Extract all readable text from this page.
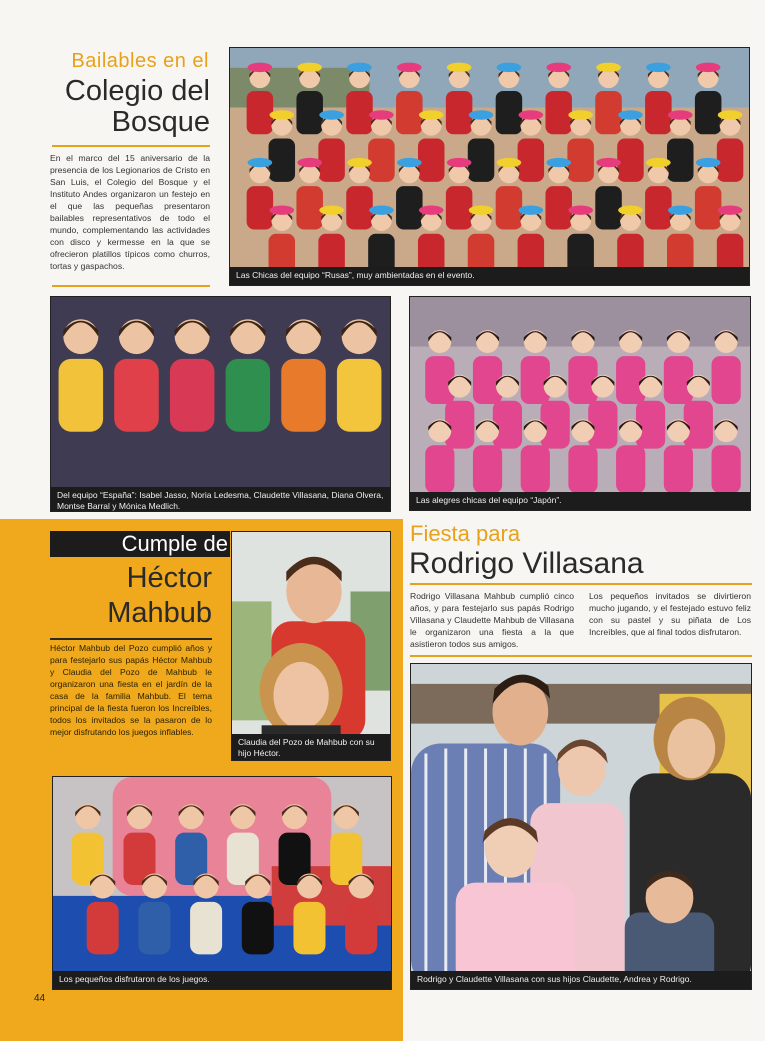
Bailables en el
Colegio del
Bosque
En el marco del 15 aniversario de la presencia de los Legionarios de Cristo en San Luis, el Colegio del Bosque y el Instituto Andes organizaron un festejo en el que las pequeñas presentaron bailables representativos de todo el mundo, complementando las actividades con disco y kermesse en la que se ofrecieron platillos típicos como churros, tortas y gaspachos.
Las Chicas del equipo “Rusas”, muy ambientadas en el evento.
Del equipo “España”: Isabel Jasso, Noria Ledesma, Claudette Villasana, Diana Olvera, Montse Barral y Mónica Medlich.
Las alegres chicas del equipo “Japón”.
Cumple de
Héctor
Mahbub
Héctor Mahbub del Pozo cumplió años y para festejarlo sus papás Héctor Mahbub y Claudia del Pozo de Mahbub le organizaron una fiesta en el jardín de la casa de la familia Mahbub. El tema principal de la fiesta fueron los Increíbles, todos los invitados se la pasaron de lo mejor disfrutando los juegos inflables.
Claudia del Pozo de Mahbub con su hijo Héctor.
Los pequeños disfrutaron de los juegos.
44
Fiesta para
Rodrigo Villasana
Rodrigo Villasana Mahbub cumplió cinco años, y para festejarlo sus papás Rodrigo Villasana y Claudette Mahbub de Villasana le organizaron una fiesta a la que asistieron todos sus amigos.
Los pequeños invitados se divirtieron mucho jugando, y el festejado estuvo feliz con su pastel y su piñata de Los Increíbles, que al final todos disfrutaron.
Rodrigo y Claudette Villasana con sus hijos Claudette, Andrea y Rodrigo.
